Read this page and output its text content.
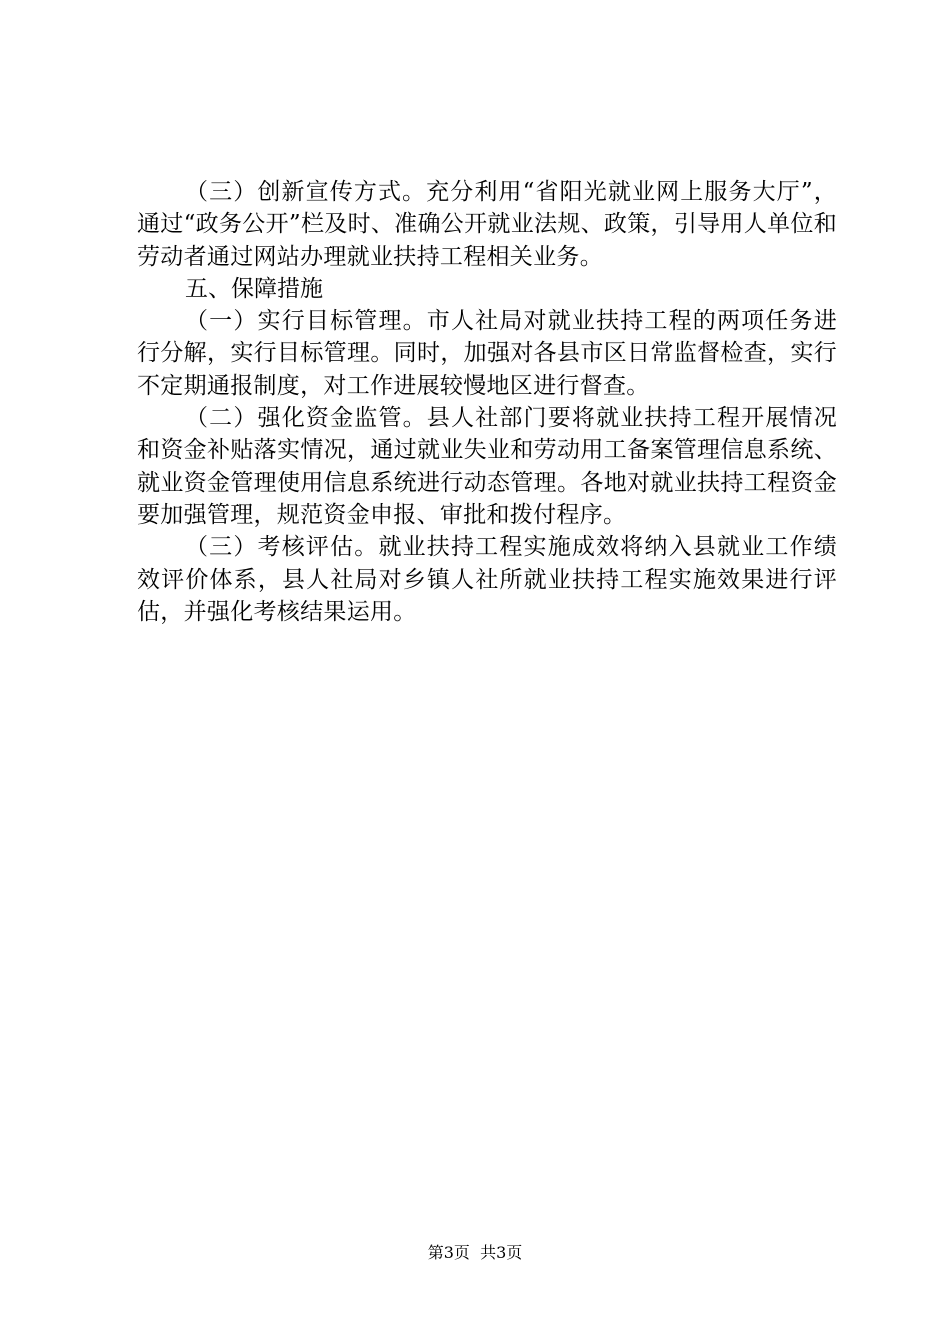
（三）创新宣传方式。充分利用“省阳光就业网上服务大厅”，通过“政务公开”栏及时、准确公开就业法规、政策，引导用人单位和劳动者通过网站办理就业扶持工程相关业务。

五、保障措施

（一）实行目标管理。市人社局对就业扶持工程的两项任务进行分解，实行目标管理。同时，加强对各县市区日常监督检查，实行不定期通报制度，对工作进展较慢地区进行督查。

（二）强化资金监管。县人社部门要将就业扶持工程开展情况和资金补贴落实情况，通过就业失业和劳动用工备案管理信息系统、就业资金管理使用信息系统进行动态管理。各地对就业扶持工程资金要加强管理，规范资金申报、审批和拨付程序。

（三）考核评估。就业扶持工程实施成效将纳入县就业工作绩效评价体系，县人社局对乡镇人社所就业扶持工程实施效果进行评估，并强化考核结果运用。

第3页  共3页
